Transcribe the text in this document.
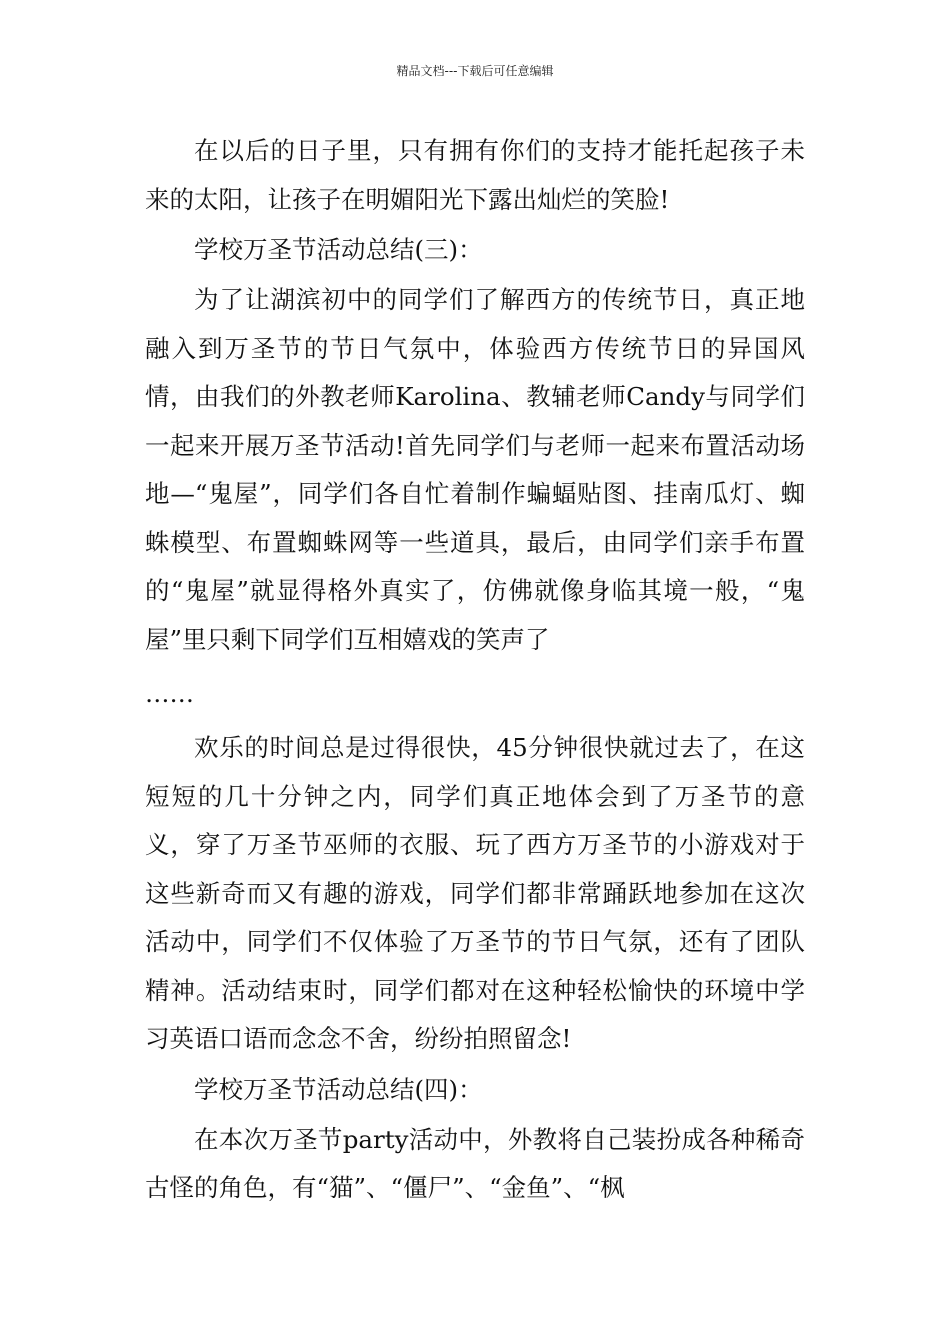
精品文档---下载后可任意编辑

在以后的日子里，只有拥有你们的支持才能托起孩子未来的太阳，让孩子在明媚阳光下露出灿烂的笑脸!

学校万圣节活动总结(三)：

为了让湖滨初中的同学们了解西方的传统节日，真正地融入到万圣节的节日气氛中，体验西方传统节日的异国风情，由我们的外教老师Karolina、教辅老师Candy与同学们一起来开展万圣节活动!首先同学们与老师一起来布置活动场地—“鬼屋”，同学们各自忙着制作蝙蝠贴图、挂南瓜灯、蜘蛛模型、布置蜘蛛网等一些道具，最后，由同学们亲手布置的“鬼屋”就显得格外真实了，仿佛就像身临其境一般，“鬼屋”里只剩下同学们互相嬉戏的笑声了
……

欢乐的时间总是过得很快，45分钟很快就过去了，在这短短的几十分钟之内，同学们真正地体会到了万圣节的意义，穿了万圣节巫师的衣服、玩了西方万圣节的小游戏对于这些新奇而又有趣的游戏，同学们都非常踊跃地参加在这次活动中，同学们不仅体验了万圣节的节日气氛，还有了团队精神。活动结束时，同学们都对在这种轻松愉快的环境中学习英语口语而念念不舍，纷纷拍照留念!

学校万圣节活动总结(四)：

在本次万圣节party活动中，外教将自己装扮成各种稀奇古怪的角色，有“猫”、“僵尸”、“金鱼”、“枫
